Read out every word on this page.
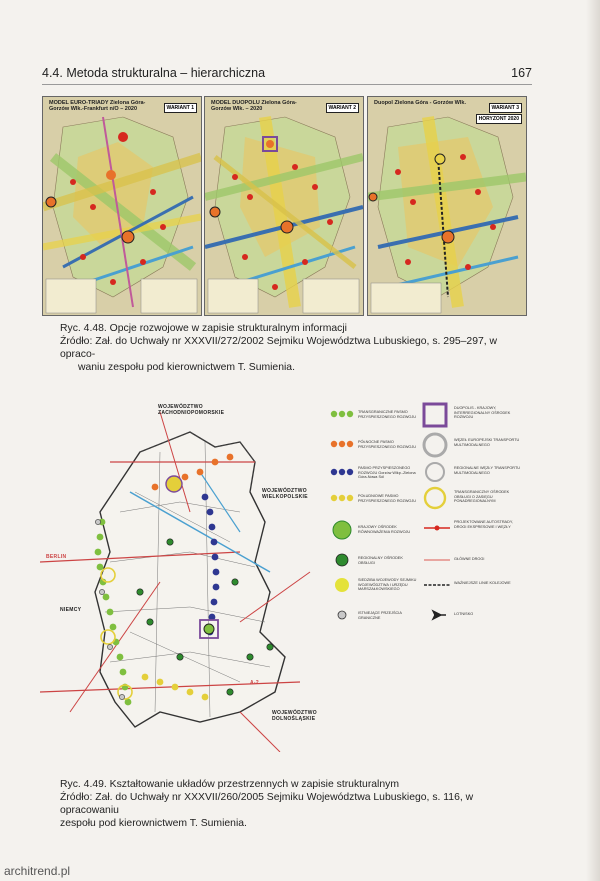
4.4. Metoda strukturalna – hierarchiczna	167
MODEL EURO-TRIADY Zielona Góra-Gorzów Wlk.-Frankfurt n/O – 2020	WARIANT 1
MODEL DUOPOLU Zielona Góra-Gorzów Wlk. – 2020	WARIANT 2
Duopol Zielona Góra - Gorzów Wlk.
WARIANT 3
HORYZONT 2020
Ryc. 4.48. Opcje rozwojowe w zapisie strukturalnym informacji
Źródło: Zał. do Uchwały nr XXXVII/272/2002 Sejmiku Województwa Lubuskiego, s. 295–297, w opraco-

waniu zespołu pod kierownictwem T. Sumienia.
WOJEWÓDZTWO ZACHODNIOPOMORSKIE
WOJEWÓDZTWO WIELKOPOLSKIE
NIEMCY
WOJEWÓDZTWO DOLNOŚLĄSKIE
BERLIN
A-2
TRANSGRANICZNE PASMO PRZYSPIESZONEGO ROZWOJU
PÓŁNOCNE PASMO PRZYSPIESZONEGO ROZWOJU
PASMO PRZYSPIESZONEGO ROZWOJU Gorzów Wlkp.-Zielona Góra-Nowa Sól
POŁUDNIOWE PASMO PRZYSPIESZONEGO ROZWOJU
KRAJOWY OŚRODEK RÓWNOWAŻENIA ROZWOJU
REGIONALNY OŚRODEK OBSŁUGI
SIEDZIBA WOJEWODY SEJMIKU WOJEWÓDZTWA I URZĘDU MARSZAŁKOWSKIEGO
ISTNIEJĄCE PRZEJŚCIA GRANICZNE
DUOPOLIS - KRAJOWY, INTERREGIONALNY OŚRODEK ROZWOJU
WĘZEŁ EUROPEJSKI TRANSPORTU MULTIMODALNEGO
REGIONALNE WĘZŁY TRANSPORTU MULTIMODALNEGO
TRANSGRANICZNY OŚRODEK OBSŁUGI O ZASIĘGU PONADREGIONALNYM
PROJEKTOWANE AUTOSTRADY, DROGI EKSPRESOWE I WĘZŁY
GŁÓWNE DROGI
WAŻNIEJSZE LINIE KOLEJOWE
LOTNISKO
Ryc. 4.49. Kształtowanie układów przestrzennych w zapisie strukturalnym
Źródło: Zał. do Uchwały nr XXXVII/260/2005 Sejmiku Województwa Lubuskiego, s. 116, w opracowaniu
zespołu pod kierownictwem T. Sumienia.
architrend.pl
